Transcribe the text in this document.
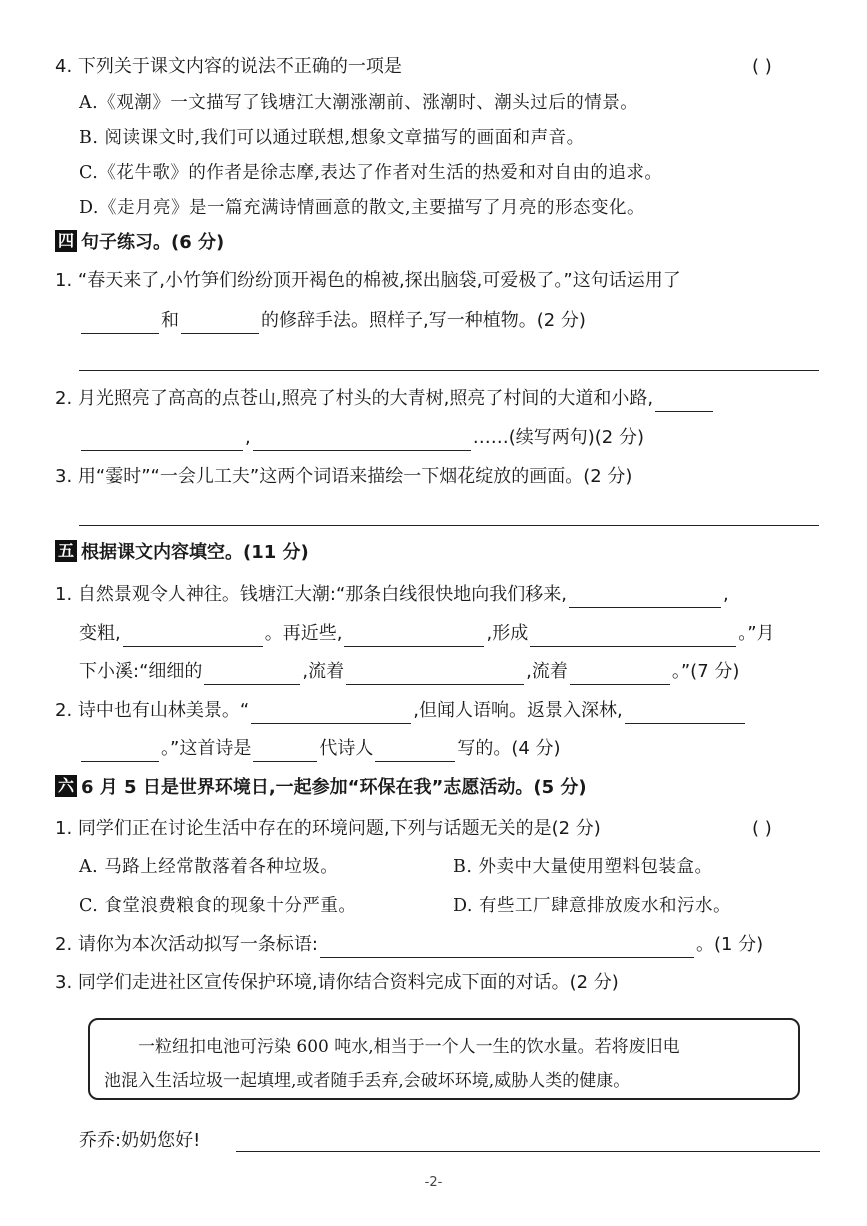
4. 下列关于课文内容的说法不正确的一项是	( )
A.《观潮》一文描写了钱塘江大潮涨潮前、涨潮时、潮头过后的情景。
B. 阅读课文时,我们可以通过联想,想象文章描写的画面和声音。
C.《花牛歌》的作者是徐志摩,表达了作者对生活的热爱和对自由的追求。
D.《走月亮》是一篇充满诗情画意的散文,主要描写了月亮的形态变化。
四 句子练习。(6 分)
1. “春天来了,小竹笋们纷纷顶开褐色的棉被,探出脑袋,可爱极了。”这句话运用了
和	的修辞手法。照样子,写一种植物。(2 分)
2. 月光照亮了高高的点苍山,照亮了村头的大青树,照亮了村间的大道和小路,
,	……(续写两句)(2 分)
3. 用“霎时”“一会儿工夫”这两个词语来描绘一下烟花绽放的画面。(2 分)
五 根据课文内容填空。(11 分)
1. 自然景观令人神往。钱塘江大潮:“那条白线很快地向我们移来,	,
变粗,	。再近些,	,形成	。”月
下小溪:“细细的	,流着	,流着	。”(7 分)
2. 诗中也有山林美景。“	,但闻人语响。返景入深林,
。”这首诗是	代诗人	写的。(4 分)
六 6 月 5 日是世界环境日,一起参加“环保在我”志愿活动。(5 分)
1. 同学们正在讨论生活中存在的环境问题,下列与话题无关的是(2 分)	( )
A. 马路上经常散落着各种垃圾。	B. 外卖中大量使用塑料包装盒。
C. 食堂浪费粮食的现象十分严重。	D. 有些工厂肆意排放废水和污水。
2. 请你为本次活动拟写一条标语:	。(1 分)
3. 同学们走进社区宣传保护环境,请你结合资料完成下面的对话。(2 分)

一粒纽扣电池可污染 600 吨水,相当于一个人一生的饮水量。若将废旧电

池混入生活垃圾一起填埋,或者随手丢弃,会破坏环境,威胁人类的健康。

乔乔:奶奶您好!
-2-
